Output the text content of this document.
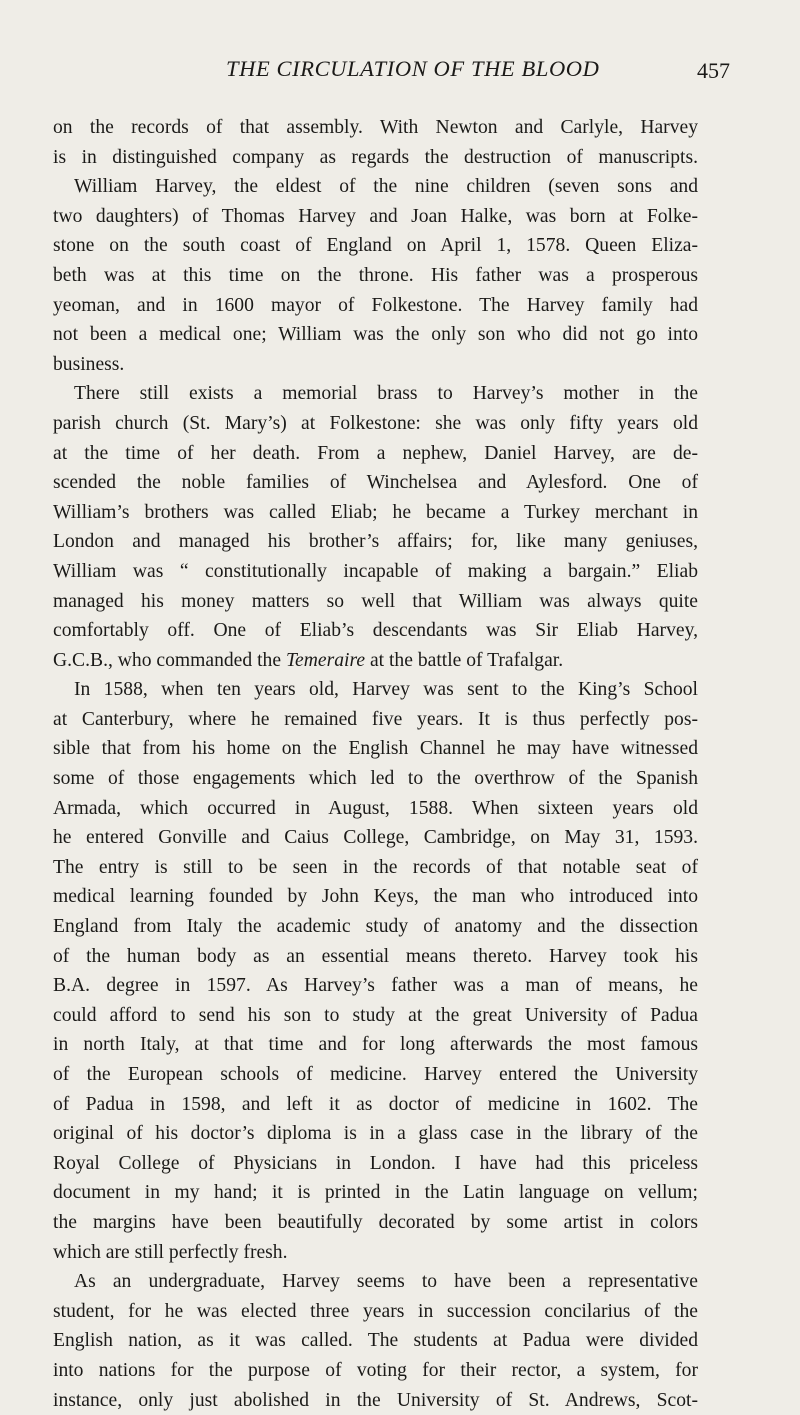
THE CIRCULATION OF THE BLOOD	457
on the records of that assembly. With Newton and Carlyle, Harvey
is in distinguished company as regards the destruction of manuscripts.
William Harvey, the eldest of the nine children (seven sons and
two daughters) of Thomas Harvey and Joan Halke, was born at Folke-
stone on the south coast of England on April 1, 1578. Queen Eliza-
beth was at this time on the throne. His father was a prosperous
yeoman, and in 1600 mayor of Folkestone. The Harvey family had
not been a medical one; William was the only son who did not go into
business.
There still exists a memorial brass to Harvey’s mother in the
parish church (St. Mary’s) at Folkestone: she was only fifty years old
at the time of her death. From a nephew, Daniel Harvey, are de-
scended the noble families of Winchelsea and Aylesford. One of
William’s brothers was called Eliab; he became a Turkey merchant in
London and managed his brother’s affairs; for, like many geniuses,
William was “ constitutionally incapable of making a bargain.” Eliab
managed his money matters so well that William was always quite
comfortably off. One of Eliab’s descendants was Sir Eliab Harvey,
G.C.B., who commanded the Temeraire at the battle of Trafalgar.
In 1588, when ten years old, Harvey was sent to the King’s School
at Canterbury, where he remained five years. It is thus perfectly pos-
sible that from his home on the English Channel he may have witnessed
some of those engagements which led to the overthrow of the Spanish
Armada, which occurred in August, 1588. When sixteen years old
he entered Gonville and Caius College, Cambridge, on May 31, 1593.
The entry is still to be seen in the records of that notable seat of
medical learning founded by John Keys, the man who introduced into
England from Italy the academic study of anatomy and the dissection
of the human body as an essential means thereto. Harvey took his
B.A. degree in 1597. As Harvey’s father was a man of means, he
could afford to send his son to study at the great University of Padua
in north Italy, at that time and for long afterwards the most famous
of the European schools of medicine. Harvey entered the University
of Padua in 1598, and left it as doctor of medicine in 1602. The
original of his doctor’s diploma is in a glass case in the library of the
Royal College of Physicians in London. I have had this priceless
document in my hand; it is printed in the Latin language on vellum;
the margins have been beautifully decorated by some artist in colors
which are still perfectly fresh.
As an undergraduate, Harvey seems to have been a representative
student, for he was elected three years in succession concilarius of the
English nation, as it was called. The students at Padua were divided
into nations for the purpose of voting for their rector, a system, for
instance, only just abolished in the University of St. Andrews, Scot-
